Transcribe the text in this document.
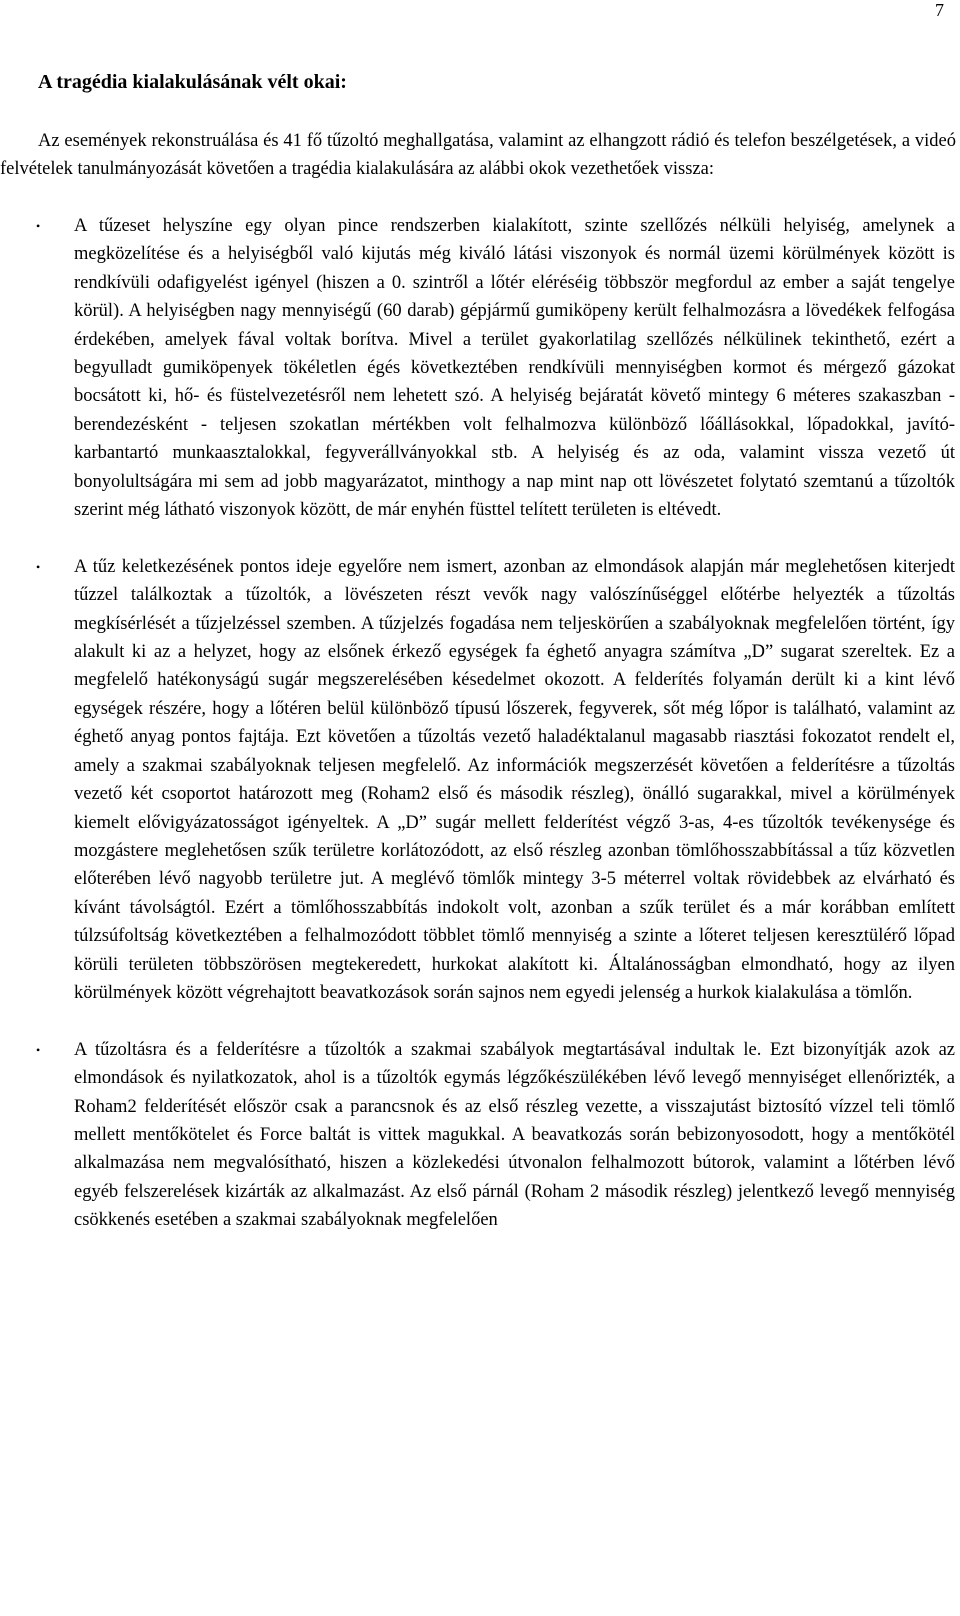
7
A tragédia kialakulásának vélt okai:

Az események rekonstruálása és 41 fő tűzoltó meghallgatása, valamint az elhangzott rádió és telefon beszélgetések, a videó felvételek tanulmányozását követően a tragédia kialakulására az alábbi okok vezethetőek vissza:

• A tűzeset helyszíne egy olyan pince rendszerben kialakított, szinte szellőzés nélküli helyiség, amelynek a megközelítése és a helyiségből való kijutás még kiváló látási viszonyok és normál üzemi körülmények között is rendkívüli odafigyelést igényel (hiszen a 0. szintről a lőtér eléréséig többször megfordul az ember a saját tengelye körül). A helyiségben nagy mennyiségű (60 darab) gépjármű gumiköpeny került felhalmozásra a lövedékek felfogása érdekében, amelyek fával voltak borítva. Mivel a terület gyakorlatilag szellőzés nélkülinek tekinthető, ezért a begyulladt gumiköpenyek tökéletlen égés következtében rendkívüli mennyiségben kormot és mérgező gázokat bocsátott ki, hő- és füstelvezetésről nem lehetett szó. A helyiség bejáratát követő mintegy 6 méteres szakaszban - berendezésként - teljesen szokatlan mértékben volt felhalmozva különböző lőállásokkal, lőpadokkal, javító-karbantartó munkaasztalokkal, fegyverállványokkal stb. A helyiség és az oda, valamint vissza vezető út bonyolultságára mi sem ad jobb magyarázatot, minthogy a nap mint nap ott lövészetet folytató szemtanú a tűzoltók szerint még látható viszonyok között, de már enyhén füsttel telített területen is eltévedt.
• A tűz keletkezésének pontos ideje egyelőre nem ismert, azonban az elmondások alapján már meglehetősen kiterjedt tűzzel találkoztak a tűzoltók, a lövészeten részt vevők nagy valószínűséggel előtérbe helyezték a tűzoltás megkísérlését a tűzjelzéssel szemben. A tűzjelzés fogadása nem teljeskörűen a szabályoknak megfelelően történt, így alakult ki az a helyzet, hogy az elsőnek érkező egységek fa éghető anyagra számítva „D” sugarat szereltek. Ez a megfelelő hatékonyságú sugár megszerelésében késedelmet okozott. A felderítés folyamán derült ki a kint lévő egységek részére, hogy a lőtéren belül különböző típusú lőszerek, fegyverek, sőt még lőpor is található, valamint az éghető anyag pontos fajtája. Ezt követően a tűzoltás vezető haladéktalanul magasabb riasztási fokozatot rendelt el, amely a szakmai szabályoknak teljesen megfelelő. Az információk megszerzését követően a felderítésre a tűzoltás vezető két csoportot határozott meg (Roham2 első és második részleg), önálló sugarakkal, mivel a körülmények kiemelt elővigyázatosságot igényeltek. A „D” sugár mellett felderítést végző 3-as, 4-es tűzoltók tevékenysége és mozgástere meglehetősen szűk területre korlátozódott, az első részleg azonban tömlőhosszabbítással a tűz közvetlen előterében lévő nagyobb területre jut. A meglévő tömlők mintegy 3-5 méterrel voltak rövidebbek az elvárható és kívánt távolságtól. Ezért a tömlőhosszabbítás indokolt volt, azonban a szűk terület és a már korábban említett túlzsúfoltság következtében a felhalmozódott többlet tömlő mennyiség a szinte a lőteret teljesen keresztülérő lőpad körüli területen többszörösen megtekeredett, hurkokat alakított ki. Általánosságban elmondható, hogy az ilyen körülmények között végrehajtott beavatkozások során sajnos nem egyedi jelenség a hurkok kialakulása a tömlőn.
• A tűzoltásra és a felderítésre a tűzoltók a szakmai szabályok megtartásával indultak le. Ezt bizonyítják azok az elmondások és nyilatkozatok, ahol is a tűzoltók egymás légzőkészülékében lévő levegő mennyiséget ellenőrizték, a Roham2 felderítését először csak a parancsnok és az első részleg vezette, a visszajutást biztosító vízzel teli tömlő mellett mentőkötelet és Force baltát is vittek magukkal. A beavatkozás során bebizonyosodott, hogy a mentőkötél alkalmazása nem megvalósítható, hiszen a közlekedési útvonalon felhalmozott bútorok, valamint a lőtérben lévő egyéb felszerelések kizárták az alkalmazást. Az első párnál (Roham 2 második részleg) jelentkező levegő mennyiség csökkenés esetében a szakmai szabályoknak megfelelően
